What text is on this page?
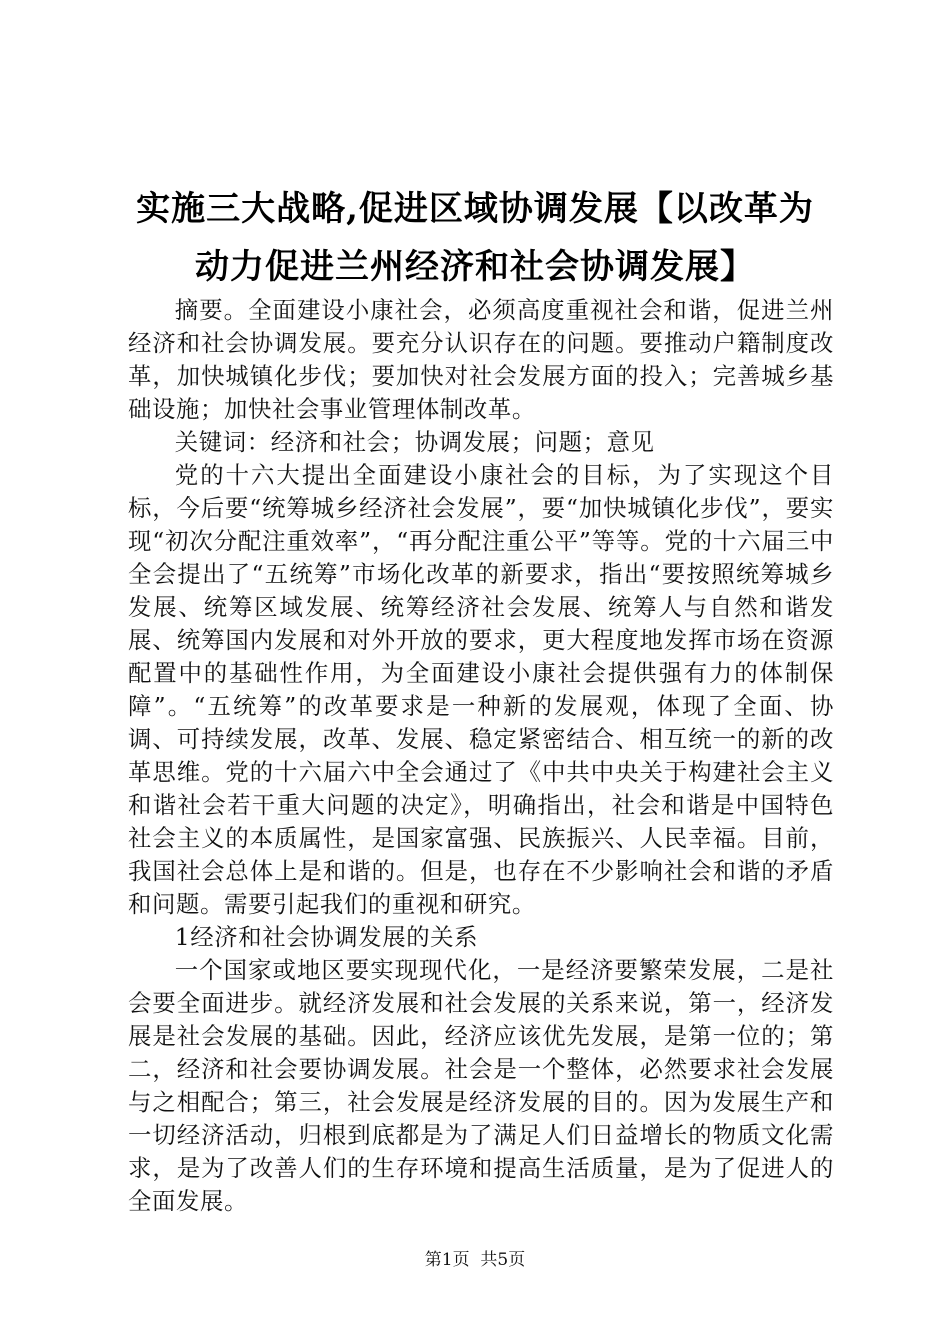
实施三大战略,促进区域协调发展【以改革为
动力促进兰州经济和社会协调发展】

摘要。全面建设小康社会，必须高度重视社会和谐，促进兰州经济和社会协调发展。要充分认识存在的问题。要推动户籍制度改革，加快城镇化步伐；要加快对社会发展方面的投入；完善城乡基础设施；加快社会事业管理体制改革。

关键词：经济和社会；协调发展；问题；意见

党的十六大提出全面建设小康社会的目标，为了实现这个目标，今后要“统筹城乡经济社会发展”，要“加快城镇化步伐”，要实现“初次分配注重效率”，“再分配注重公平”等等。党的十六届三中全会提出了“五统筹”市场化改革的新要求，指出“要按照统筹城乡发展、统筹区域发展、统筹经济社会发展、统筹人与自然和谐发展、统筹国内发展和对外开放的要求，更大程度地发挥市场在资源配置中的基础性作用，为全面建设小康社会提供强有力的体制保障”。“五统筹”的改革要求是一种新的发展观，体现了全面、协调、可持续发展，改革、发展、稳定紧密结合、相互统一的新的改革思维。党的十六届六中全会通过了《中共中央关于构建社会主义和谐社会若干重大问题的决定》，明确指出，社会和谐是中国特色社会主义的本质属性，是国家富强、民族振兴、人民幸福。目前，我国社会总体上是和谐的。但是，也存在不少影响社会和谐的矛盾和问题。需要引起我们的重视和研究。

1经济和社会协调发展的关系

一个国家或地区要实现现代化，一是经济要繁荣发展，二是社会要全面进步。就经济发展和社会发展的关系来说，第一，经济发展是社会发展的基础。因此，经济应该优先发展，是第一位的；第二，经济和社会要协调发展。社会是一个整体，必然要求社会发展与之相配合；第三，社会发展是经济发展的目的。因为发展生产和一切经济活动，归根到底都是为了满足人们日益增长的物质文化需求，是为了改善人们的生存环境和提高生活质量，是为了促进人的全面发展。

第1页  共5页
